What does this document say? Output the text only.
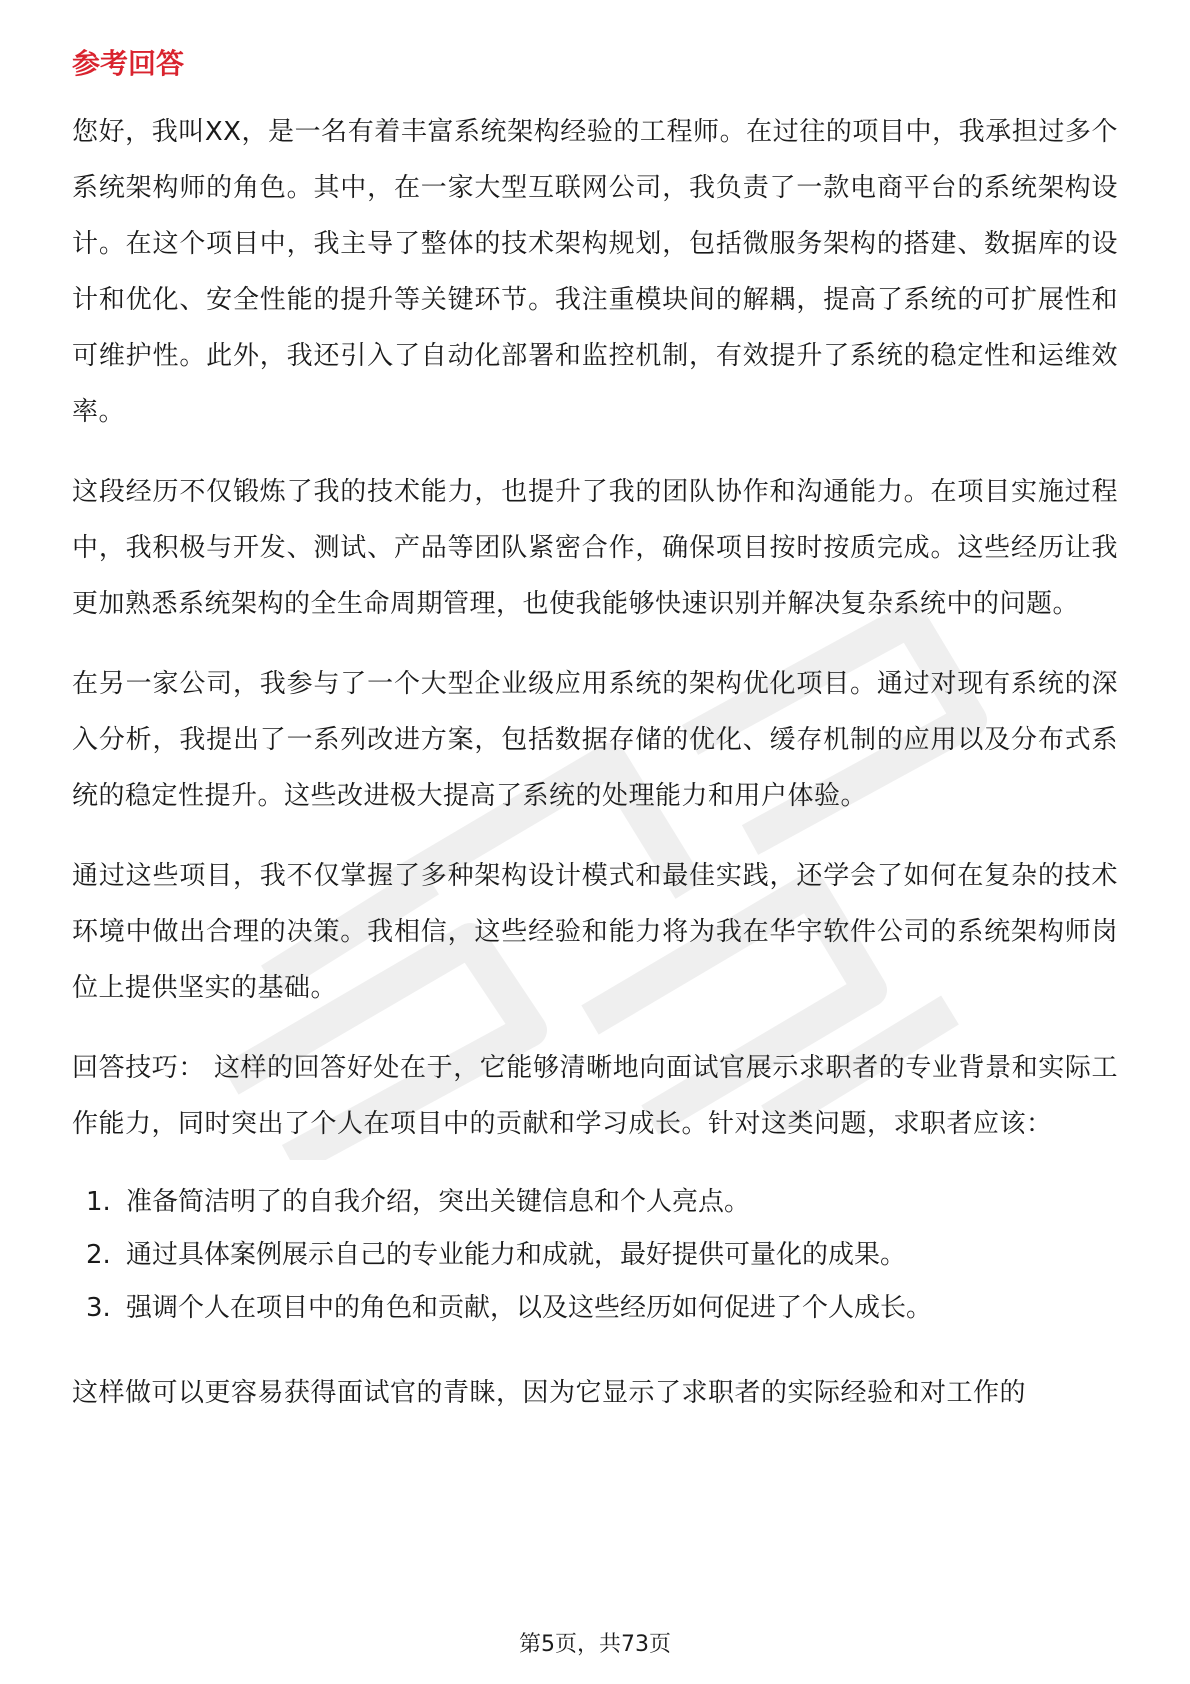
参考回答

您好，我叫XX，是一名有着丰富系统架构经验的工程师。在过往的项目中，我承担过多个系统架构师的角色。其中，在一家大型互联网公司，我负责了一款电商平台的系统架构设计。在这个项目中，我主导了整体的技术架构规划，包括微服务架构的搭建、数据库的设计和优化、安全性能的提升等关键环节。我注重模块间的解耦，提高了系统的可扩展性和可维护性。此外，我还引入了自动化部署和监控机制，有效提升了系统的稳定性和运维效率。

这段经历不仅锻炼了我的技术能力，也提升了我的团队协作和沟通能力。在项目实施过程中，我积极与开发、测试、产品等团队紧密合作，确保项目按时按质完成。这些经历让我更加熟悉系统架构的全生命周期管理，也使我能够快速识别并解决复杂系统中的问题。

在另一家公司，我参与了一个大型企业级应用系统的架构优化项目。通过对现有系统的深入分析，我提出了一系列改进方案，包括数据存储的优化、缓存机制的应用以及分布式系统的稳定性提升。这些改进极大提高了系统的处理能力和用户体验。

通过这些项目，我不仅掌握了多种架构设计模式和最佳实践，还学会了如何在复杂的技术环境中做出合理的决策。我相信，这些经验和能力将为我在华宇软件公司的系统架构师岗位上提供坚实的基础。

回答技巧： 这样的回答好处在于，它能够清晰地向面试官展示求职者的专业背景和实际工作能力，同时突出了个人在项目中的贡献和学习成长。针对这类问题，求职者应该：

1. 准备简洁明了的自我介绍，突出关键信息和个人亮点。
2. 通过具体案例展示自己的专业能力和成就，最好提供可量化的成果。
3. 强调个人在项目中的角色和贡献，以及这些经历如何促进了个人成长。

这样做可以更容易获得面试官的青睐，因为它显示了求职者的实际经验和对工作的

第5页，共73页
